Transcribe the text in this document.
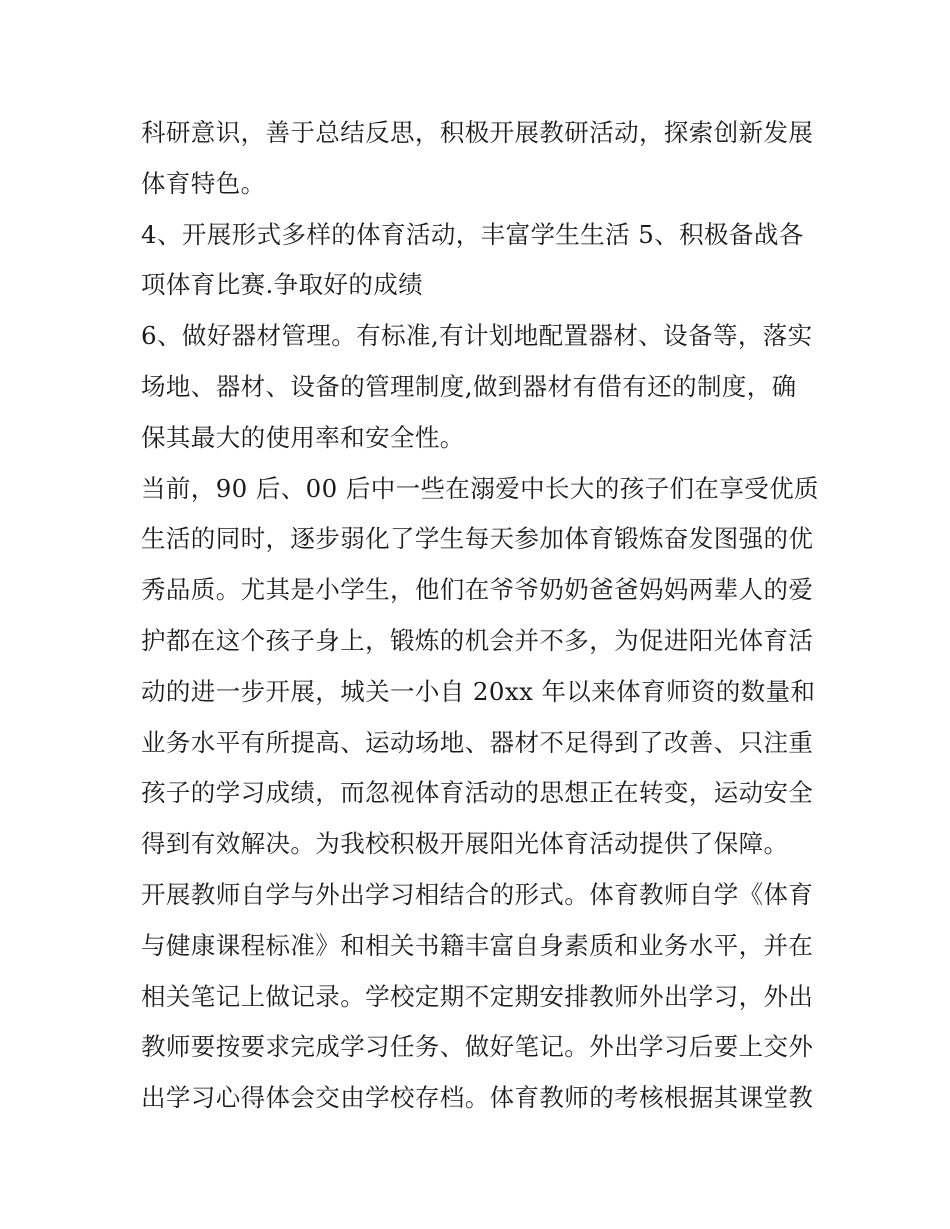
科研意识，善于总结反思，积极开展教研活动，探索创新发展
体育特色。
4、开展形式多样的体育活动，丰富学生生活 5、积极备战各
项体育比赛.争取好的成绩
6、做好器材管理。有标准,有计划地配置器材、设备等，落实
场地、器材、设备的管理制度,做到器材有借有还的制度，确
保其最大的使用率和安全性。
当前，90 后、00 后中一些在溺爱中长大的孩子们在享受优质
生活的同时，逐步弱化了学生每天参加体育锻炼奋发图强的优
秀品质。尤其是小学生，他们在爷爷奶奶爸爸妈妈两辈人的爱
护都在这个孩子身上，锻炼的机会并不多，为促进阳光体育活
动的进一步开展，城关一小自 20xx 年以来体育师资的数量和
业务水平有所提高、运动场地、器材不足得到了改善、只注重
孩子的学习成绩，而忽视体育活动的思想正在转变，运动安全
得到有效解决。为我校积极开展阳光体育活动提供了保障。
开展教师自学与外出学习相结合的形式。体育教师自学《体育
与健康课程标准》和相关书籍丰富自身素质和业务水平，并在
相关笔记上做记录。学校定期不定期安排教师外出学习，外出
教师要按要求完成学习任务、做好笔记。外出学习后要上交外
出学习心得体会交由学校存档。体育教师的考核根据其课堂教
